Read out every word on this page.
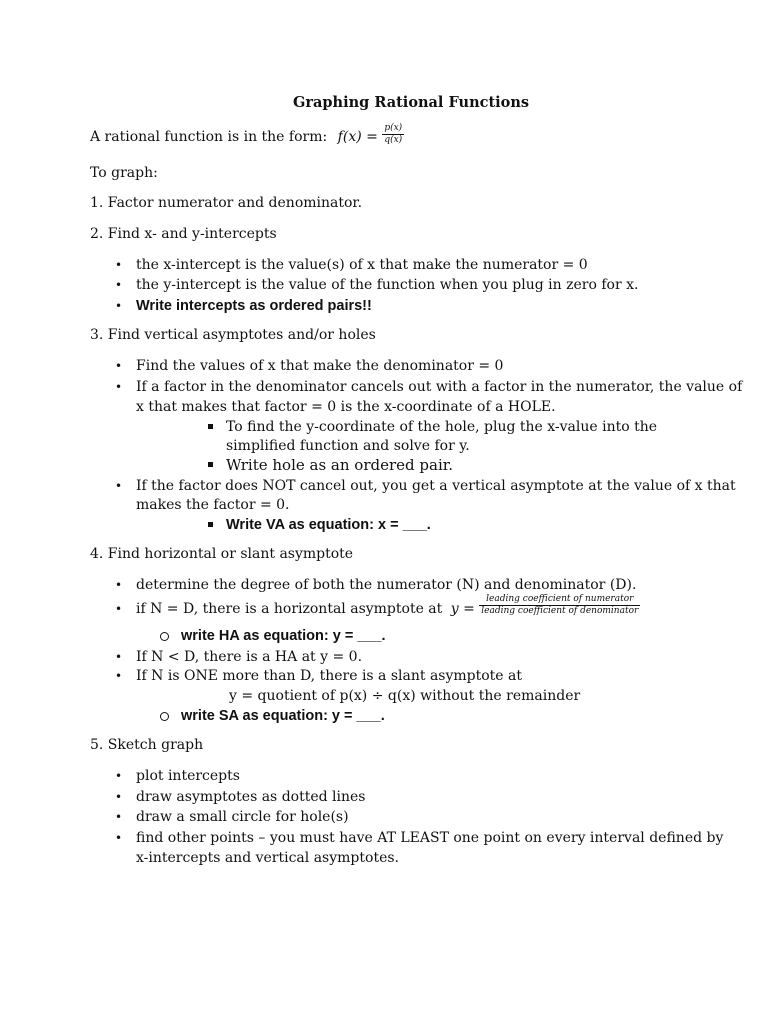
Graphing Rational Functions
A rational function is in the form: $f(x) = \frac{p(x)}{q(x)}$
To graph:
1. Factor numerator and denominator.
2. Find x- and y-intercepts
• the x-intercept is the value(s) of x that make the numerator = 0
• the y-intercept is the value of the function when you plug in zero for x.
• Write intercepts as ordered pairs!!
3. Find vertical asymptotes and/or holes
• Find the values of x that make the denominator = 0
• If a factor in the denominator cancels out with a factor in the numerator, the value of
x that makes that factor = 0 is the x-coordinate of a HOLE.
To find the y-coordinate of the hole, plug the x-value into the
simplified function and solve for y.
Write hole as an ordered pair.
• If the factor does NOT cancel out, you get a vertical asymptote at the value of x that
makes the factor = 0.
Write VA as equation: x = ___.
4. Find horizontal or slant asymptote
• determine the degree of both the numerator (N) and denominator (D).
• if N = D, there is a horizontal asymptote at $y = \frac{\text{leading coefficient of numerator}}{\text{leading coefficient of denominator}}$
write HA as equation: y = ___.
• If N < D, there is a HA at y = 0.
• If N is ONE more than D, there is a slant asymptote at
y = quotient of p(x) ÷ q(x) without the remainder
write SA as equation: y = ___.
5. Sketch graph
• plot intercepts
• draw asymptotes as dotted lines
• draw a small circle for hole(s)
• find other points – you must have AT LEAST one point on every interval defined by
x-intercepts and vertical asymptotes.
